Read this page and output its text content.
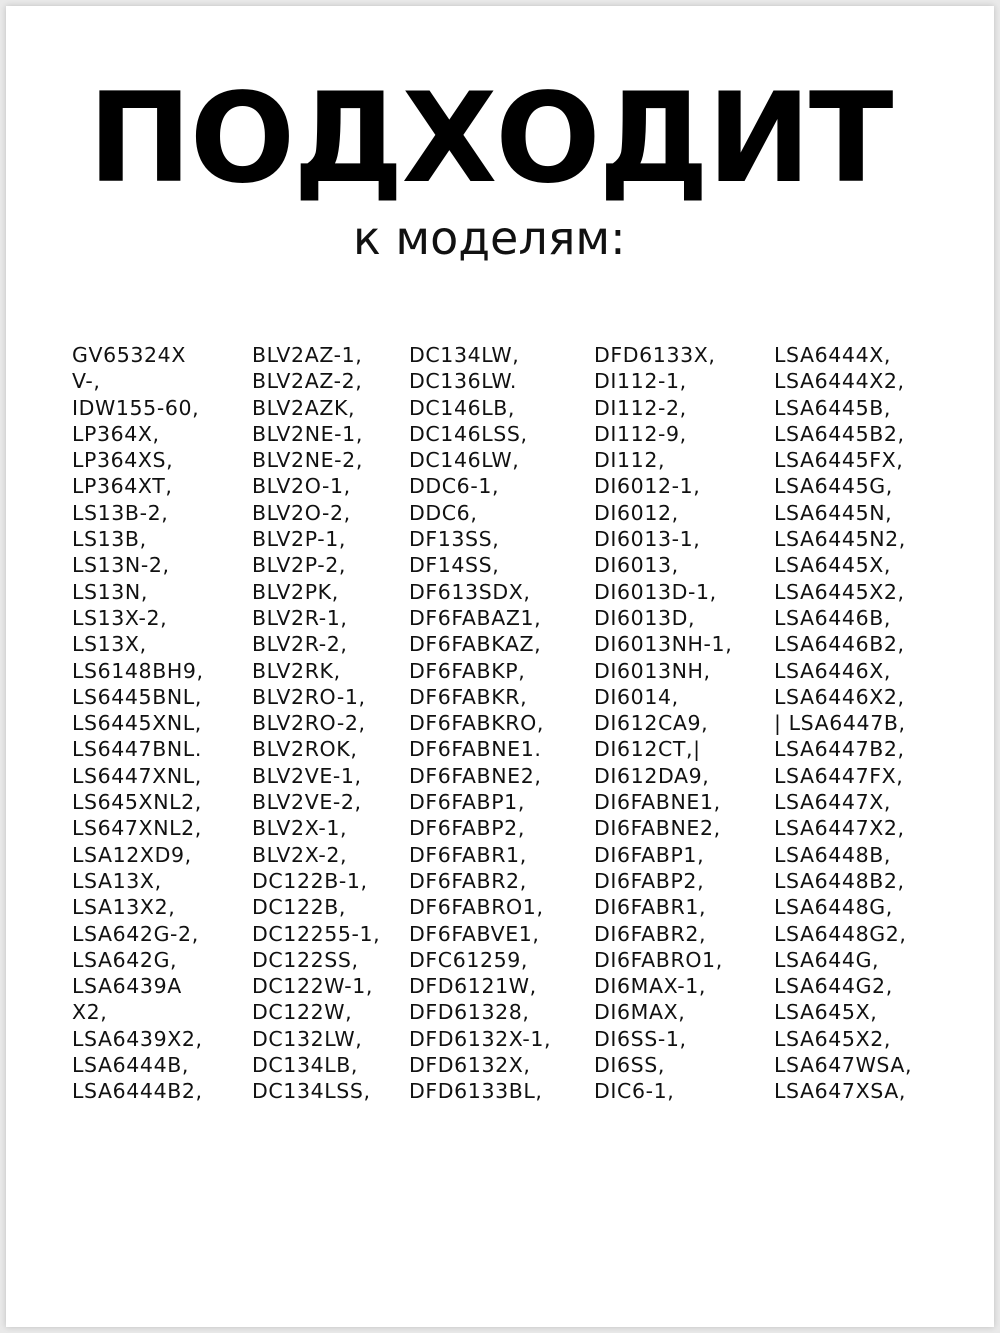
ПОДХОДИТ
к моделям:
GV65324X
V-,
IDW155-60,
LP364X,
LP364XS,
LP364XT,
LS13B-2,
LS13B,
LS13N-2,
LS13N,
LS13X-2,
LS13X,
LS6148BH9,
LS6445BNL,
LS6445XNL,
LS6447BNL.
LS6447XNL,
LS645XNL2,
LS647XNL2,
LSA12XD9,
LSA13X,
LSA13X2,
LSA642G-2,
LSA642G,
LSA6439A
X2,
LSA6439X2,
LSA6444B,
LSA6444B2,
BLV2AZ-1,
BLV2AZ-2,
BLV2AZK,
BLV2NE-1,
BLV2NE-2,
BLV2O-1,
BLV2O-2,
BLV2P-1,
BLV2P-2,
BLV2PK,
BLV2R-1,
BLV2R-2,
BLV2RK,
BLV2RO-1,
BLV2RO-2,
BLV2ROK,
BLV2VE-1,
BLV2VE-2,
BLV2X-1,
BLV2X-2,
DC122B-1,
DC122B,
DC12255-1,
DC122SS,
DC122W-1,
DC122W,
DC132LW,
DC134LB,
DC134LSS,
DC134LW,
DC136LW.
DC146LB,
DC146LSS,
DC146LW,
DDC6-1,
DDC6,
DF13SS,
DF14SS,
DF613SDX,
DF6FABAZ1,
DF6FABKAZ,
DF6FABKP,
DF6FABKR,
DF6FABKRO,
DF6FABNE1.
DF6FABNE2,
DF6FABP1,
DF6FABP2,
DF6FABR1,
DF6FABR2,
DF6FABRO1,
DF6FABVE1,
DFC61259,
DFD6121W,
DFD61328,
DFD6132X-1,
DFD6132X,
DFD6133BL,
DFD6133X,
DI112-1,
DI112-2,
DI112-9,
DI112,
DI6012-1,
DI6012,
DI6013-1,
DI6013,
DI6013D-1,
DI6013D,
DI6013NH-1,
DI6013NH,
DI6014,
DI612CA9,
DI612CT,|
DI612DA9,
DI6FABNE1,
DI6FABNE2,
DI6FABP1,
DI6FABP2,
DI6FABR1,
DI6FABR2,
DI6FABRO1,
DI6MAX-1,
DI6MAX,
DI6SS-1,
DI6SS,
DIC6-1,
LSA6444X,
LSA6444X2,
LSA6445B,
LSA6445B2,
LSA6445FX,
LSA6445G,
LSA6445N,
LSA6445N2,
LSA6445X,
LSA6445X2,
LSA6446B,
LSA6446B2,
LSA6446X,
LSA6446X2,
| LSA6447B,
LSA6447B2,
LSA6447FX,
LSA6447X,
LSA6447X2,
LSA6448B,
LSA6448B2,
LSA6448G,
LSA6448G2,
LSA644G,
LSA644G2,
LSA645X,
LSA645X2,
LSA647WSA,
LSA647XSA,
